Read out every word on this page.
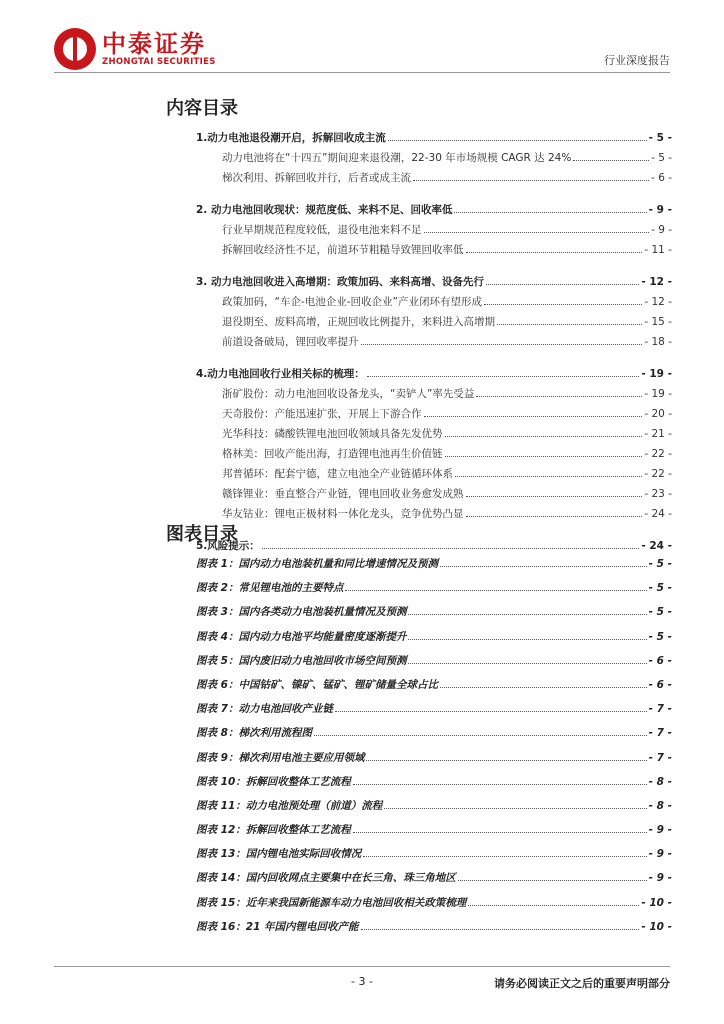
中泰证券
ZHONGTAI SECURITIES	行业深度报告
内容目录
1.动力电池退役潮开启，拆解回收成主流	- 5 -
动力电池将在“十四五”期间迎来退役潮，22-30 年市场规模 CAGR 达 24%	- 5 -
梯次利用、拆解回收并行，后者或成主流	- 6 -
2. 动力电池回收现状：规范度低、来料不足、回收率低	- 9 -
行业早期规范程度较低，退役电池来料不足	- 9 -
拆解回收经济性不足，前道环节粗糙导致锂回收率低	- 11 -
3. 动力电池回收进入高增期：政策加码、来料高增、设备先行	- 12 -
政策加码，“车企-电池企业-回收企业”产业闭环有望形成	- 12 -
退役期至、废料高增，正规回收比例提升，来料进入高增期	- 15 -
前道设备破局，锂回收率提升	- 18 -
4.动力电池回收行业相关标的梳理：	- 19 -
浙矿股份：动力电池回收设备龙头，“卖铲人”率先受益	- 19 -
天奇股份：产能迅速扩张，开展上下游合作	- 20 -
光华科技：磷酸铁锂电池回收领域具备先发优势	- 21 -
格林美：回收产能出海，打造锂电池再生价值链	- 22 -
邦普循环：配套宁德，建立电池全产业链循环体系	- 22 -
赣锋锂业：垂直整合产业链，锂电回收业务愈发成熟	- 23 -
华友钴业：锂电正极材料一体化龙头，竞争优势凸显	- 24 -
5.风险提示：	- 24 -
图表目录
图表 1：国内动力电池装机量和同比增速情况及预测	- 5 -
图表 2：常见锂电池的主要特点	- 5 -
图表 3：国内各类动力电池装机量情况及预测	- 5 -
图表 4：国内动力电池平均能量密度逐渐提升	- 5 -
图表 5：国内废旧动力电池回收市场空间预测	- 6 -
图表 6：中国钴矿、镍矿、锰矿、锂矿储量全球占比	- 6 -
图表 7：动力电池回收产业链	- 7 -
图表 8：梯次利用流程图	- 7 -
图表 9：梯次利用电池主要应用领域	- 7 -
图表 10：拆解回收整体工艺流程	- 8 -
图表 11：动力电池预处理（前道）流程	- 8 -
图表 12：拆解回收整体工艺流程	- 9 -
图表 13：国内锂电池实际回收情况	- 9 -
图表 14：国内回收网点主要集中在长三角、珠三角地区	- 9 -
图表 15：近年来我国新能源车动力电池回收相关政策梳理	- 10 -
图表 16：21 年国内锂电回收产能	- 10 -
- 3 -	请务必阅读正文之后的重要声明部分
